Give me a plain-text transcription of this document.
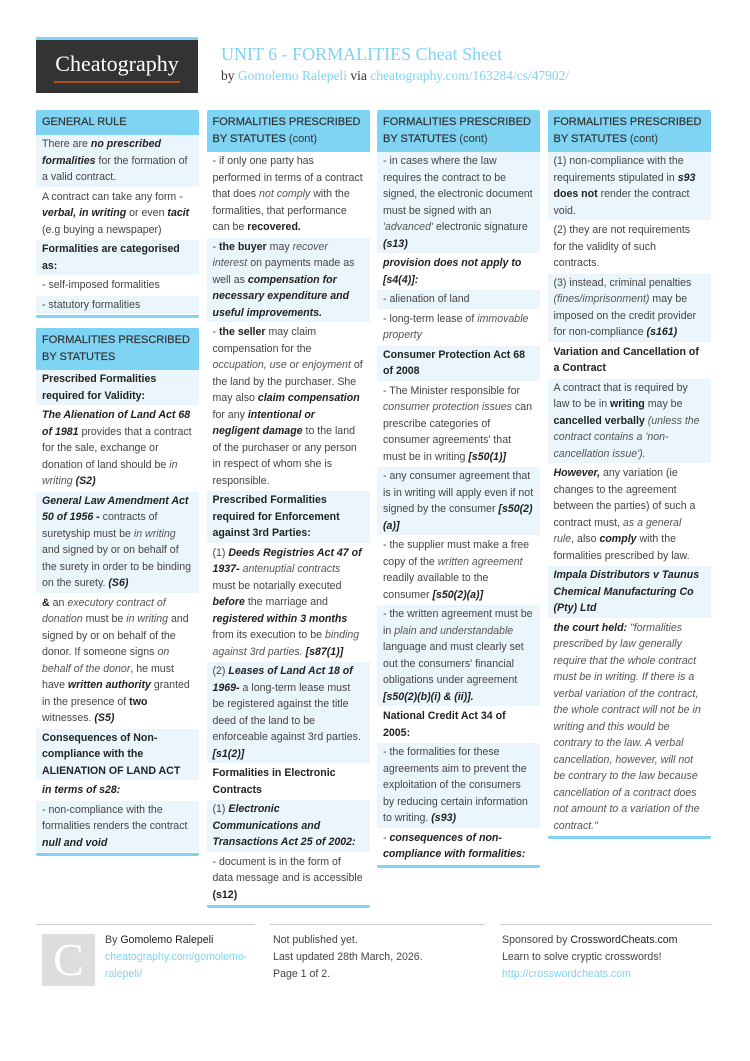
Cheatography	UNIT 6 - FORMALITIES Cheat Sheet
by Gomolemo Ralepeli via cheatography.com/163284/cs/47902/
GENERAL RULE
There are no prescribed formalities for the formation of a valid contract.
A contract can take any form - verbal, in writing or even tacit (e.g buying a newspaper)
Formalities are categorised as:
- self-imposed formalities
- statutory formalities
FORMALITIES PRESCRIBED BY STATUTES
Prescribed Formalities required for Validity:
The Alienation of Land Act 68 of 1981 provides that a contract for the sale, exchange or donation of land should be in writing (S2)
General Law Amendment Act 50 of 1956 - contracts of suretyship must be in writing and signed by or on behalf of the surety in order to be binding on the surety. (S6)
& an executory contract of donation must be in writing and signed by or on behalf of the donor. If someone signs on behalf of the donor, he must have written authority granted in the presence of two witnesses. (S5)
Consequences of Non-compliance with the ALIENATION OF LAND ACT
in terms of s28:
- non-compliance with the formalities renders the contract null and void
FORMALITIES PRESCRIBED BY STATUTES (cont)
- if only one party has performed in terms of a contract that does not comply with the formalities, that performance can be recovered.
- the buyer may recover interest on payments made as well as compensation for necessary expenditure and useful improvements.
- the seller may claim compensation for the occupation, use or enjoyment of the land by the purchaser. She may also claim compensation for any intentional or negligent damage to the land of the purchaser or any person in respect of whom she is responsible.
Prescribed Formalities required for Enforcement against 3rd Parties:
(1) Deeds Registries Act 47 of 1937- antenuptial contracts must be notarially executed before the marriage and registered within 3 months from its execution to be binding against 3rd parties. [s87(1)]
(2) Leases of Land Act 18 of 1969- a long-term lease must be registered against the title deed of the land to be enforceable against 3rd parties. [s1(2)]
Formalities in Electronic Contracts
(1) Electronic Communications and Transactions Act 25 of 2002:
- document is in the form of data message and is accessible (s12)
FORMALITIES PRESCRIBED BY STATUTES (cont)
- in cases where the law requires the contract to be signed, the electronic document must be signed with an 'advanced' electronic signature (s13)
provision does not apply to [s4(4)]:
- alienation of land
- long-term lease of immovable property
Consumer Protection Act 68 of 2008
- The Minister responsible for consumer protection issues can prescribe categories of consumer agreements' that must be in writing [s50(1)]
- any consumer agreement that is in writing will apply even if not signed by the consumer [s50(2)(a)]
- the supplier must make a free copy of the written agreement readily available to the consumer [s50(2)(a)]
- the written agreement must be in plain and understandable language and must clearly set out the consumers' financial obligations under agreement [s50(2)(b)(i) & (ii)].
National Credit Act 34 of 2005:
- the formalities for these agreements aim to prevent the exploitation of the consumers by reducing certain information to writing. (s93)
- consequences of non-compliance with formalities:
FORMALITIES PRESCRIBED BY STATUTES (cont)
(1) non-compliance with the requirements stipulated in s93 does not render the contract void.
(2) they are not requirements for the validity of such contracts.
(3) instead, criminal penalties (fines/imprisonment) may be imposed on the credit provider for non-compliance (s161)
Variation and Cancellation of a Contract
A contract that is required by law to be in writing may be cancelled verbally (unless the contract contains a 'non-cancellation issue').
However, any variation (ie changes to the agreement between the parties) of such a contract must, as a general rule, also comply with the formalities prescribed by law.
Impala Distributors v Taunus Chemical Manufacturing Co (Pty) Ltd
the court held: "formalities prescribed by law generally require that the whole contract must be in writing. If there is a verbal variation of the contract, the whole contract will not be in writing and this would be contrary to the law. A verbal cancellation, however, will not be contrary to the law because cancellation of a contract does not amount to a variation of the contract."
C	By Gomolemo Ralepeli
cheatography.com/gomolemo-
ralepeli/
Not published yet.
Last updated 28th March, 2026.
Page 1 of 2.
Sponsored by CrosswordCheats.com
Learn to solve cryptic crosswords!
http://crosswordcheats.com
